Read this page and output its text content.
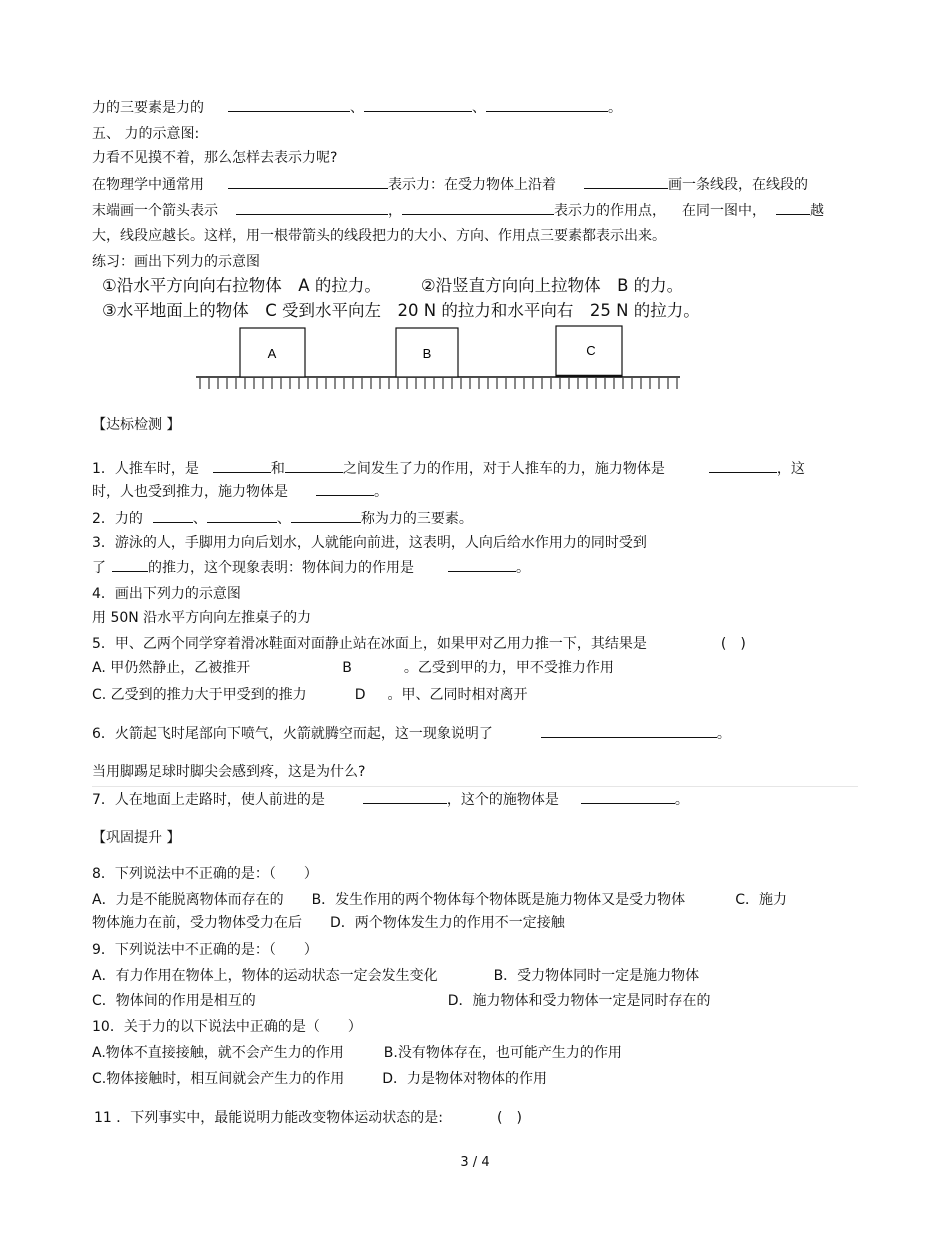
力的三要素是力的	、	、	。
五、 力的示意图:
力看不见摸不着，那么怎样去表示力呢?
在物理学中通常用	表示力：在受力物体上沿着	画一条线段，在线段的
末端画一个箭头表示	，	表示力的作用点， 在同一图中，	越
大，线段应越长。这样，用一根带箭头的线段把力的大小、方向、作用点三要素都表示出来。
练习：画出下列力的示意图
①沿水平方向向右拉物体　A 的拉力。 ②沿竖直方向向上拉物体　B 的力。
③水平地面上的物体　C 受到水平向左　20 N 的拉力和水平向右　25 N 的拉力。
A	B	C
【达标检测 】
1．人推车时，是	和	之间发生了力的作用，对于人推车的力，施力物体是	，这
时，人也受到推力，施力物体是	。
2．力的	、	、	称为力的三要素。
3．游泳的人，手脚用力向后划水，人就能向前进，这表明，人向后给水作用力的同时受到
了	的推力，这个现象表明：物体间力的作用是	。
4．画出下列力的示意图
用 50N 沿水平方向向左推桌子的力
5．甲、乙两个同学穿着滑冰鞋面对面静止站在冰面上，如果甲对乙用力推一下，其结果是	(　)
A. 甲仍然静止，乙被推开	B	。乙受到甲的力，甲不受推力作用
C. 乙受到的推力大于甲受到的推力	D 。甲、乙同时相对离开
6．火箭起飞时尾部向下喷气，火箭就腾空而起，这一现象说明了	。
当用脚踢足球时脚尖会感到疼，这是为什么?
7．人在地面上走路时，使人前进的是	，这个的施物体是	。
【巩固提升 】
8．下列说法中不正确的是：（　　）
A．力是不能脱离物体而存在的 B．发生作用的两个物体每个物体既是施力物体又是受力物体	C．施力
物体施力在前，受力物体受力在后 D．两个物体发生力的作用不一定接触
9．下列说法中不正确的是：（　　）
A．有力作用在物体上，物体的运动状态一定会发生变化	B．受力物体同时一定是施力物体
C．物体间的作用是相互的	D．施力物体和受力物体一定是同时存在的
10．关于力的以下说法中正确的是（　　）
A.物体不直接接触，就不会产生力的作用	B.没有物体存在，也可能产生力的作用
C.物体接触时，相互间就会产生力的作用	D．力是物体对物体的作用
11 ．下列事实中，最能说明力能改变物体运动状态的是:	(　)
3 / 4
